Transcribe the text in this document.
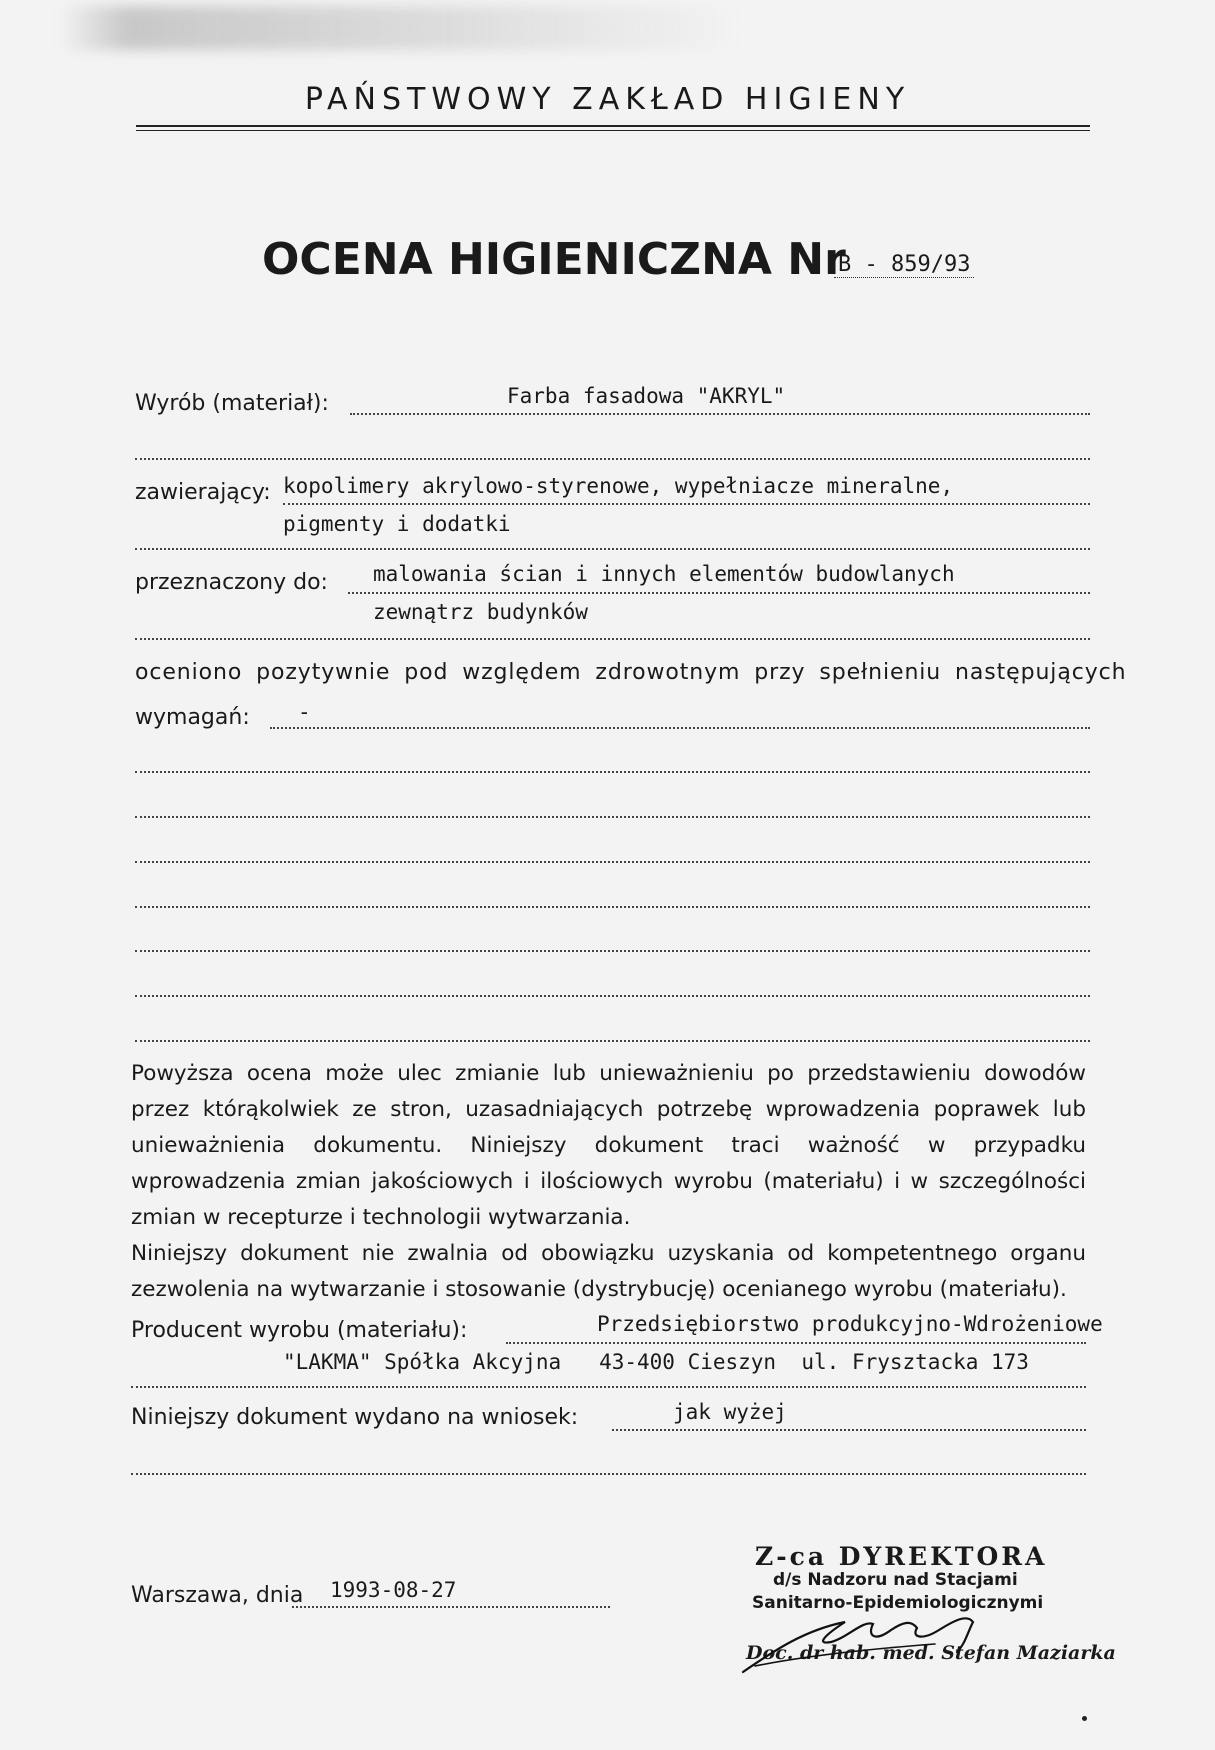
PAŃSTWOWY ZAKŁAD HIGIENY
OCENA HIGIENICZNA Nr
B - 859/93
Wyrób (materiał):	Farba fasadowa "AKRYL"
zawierający: kopolimery akrylowo-styrenowe, wypełniacze mineralne,
pigmenty i dodatki
przeznaczony do: malowania ścian i innych elementów budowlanych
zewnątrz budynków
oceniono pozytywnie pod względem zdrowotnym przy spełnieniu następujących
wymagań: -
Powyższa ocena może ulec zmianie lub unieważnieniu po przedstawieniu dowodów przez którąkolwiek ze stron, uzasadniających potrzebę wprowadzenia poprawek lub unieważnienia dokumentu. Niniejszy dokument traci ważność w przypadku wprowadzenia zmian jakościowych i ilościowych wyrobu (materiału) i w szczególności zmian w recepturze i technologii wytwarzania.
Niniejszy dokument nie zwalnia od obowiązku uzyskania od kompetentnego organu zezwolenia na wytwarzanie i stosowanie (dystrybucję) ocenianego wyrobu (materiału).
Producent wyrobu (materiału):	Przedsiębiorstwo produkcyjno-Wdrożeniowe
"LAKMA" Spółka Akcyjna   43-400 Cieszyn  ul. Frysztacka 173
Niniejszy dokument wydano na wniosek:	jak wyżej
Warszawa, dnia 1993-08-27
Z-ca DYREKTORA
d/s Nadzoru nad Stacjami
Sanitarno-Epidemiologicznymi
Doc. dr hab. med. Stefan Maziarka
